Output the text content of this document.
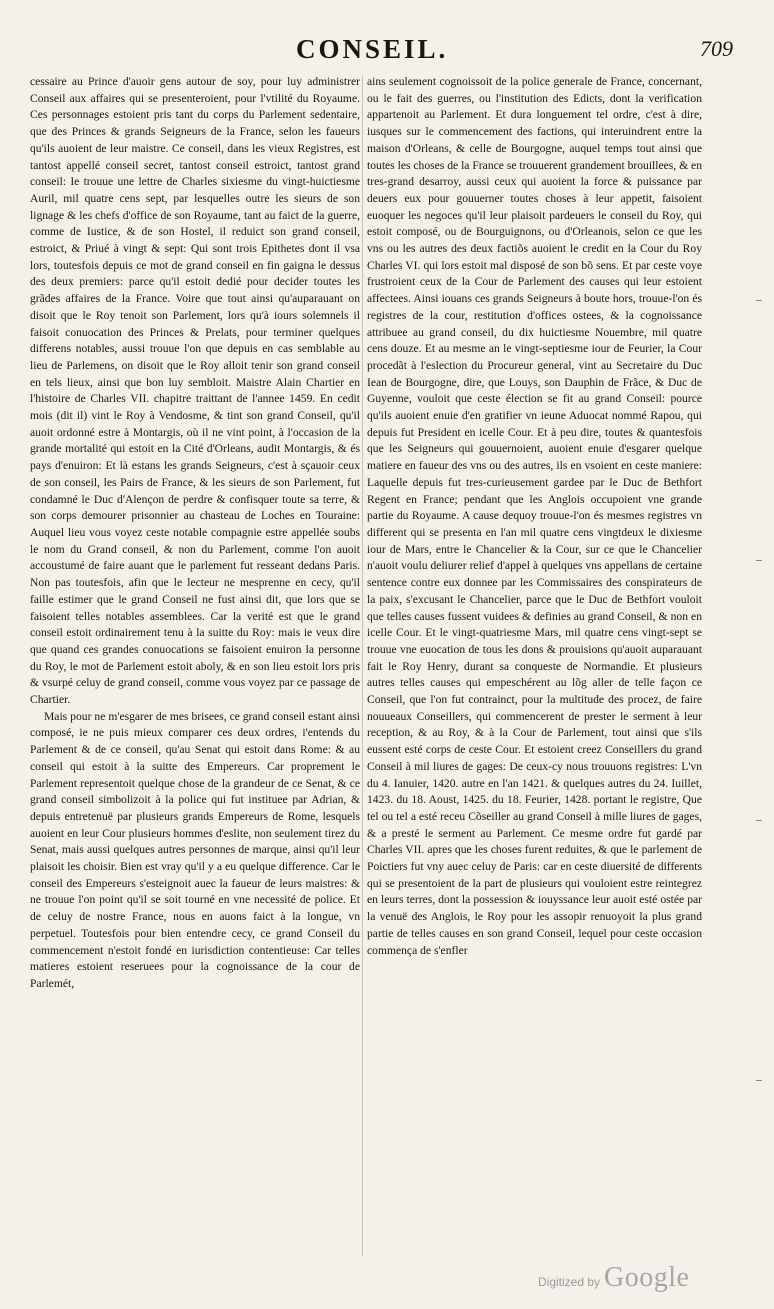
CONSEIL.	709

cessaire au Prince d'auoir gens autour de soy, pour luy administrer Conseil aux affaires qui se presenteroient, pour l'vtilité du Royaume. Ces personnages estoient pris tant du corps du Parlement sedentaire, que des Princes & grands Seigneurs de la France, selon les faueurs qu'ils auoient de leur maistre. Ce conseil, dans les vieux Registres, est tantost appellé conseil secret, tantost conseil estroict, tantost grand conseil: Ie trouue une lettre de Charles sixiesme du vingt-huictiesme Auril, mil quatre cens sept, par lesquelles outre les sieurs de son lignage & les chefs d'office de son Royaume, tant au faict de la guerre, comme de Iustice, & de son Hostel, il reduict son grand conseil, estroict, & Priué à vingt & sept: Qui sont trois Epithetes dont il vsa lors, toutesfois depuis ce mot de grand conseil en fin gaigna le dessus des deux premiers: parce qu'il estoit dedié pour decider toutes les grãdes affaires de la France. Voire que tout ainsi qu'auparauant on disoit que le Roy tenoit son Parlement, lors qu'à iours solemnels il faisoit conuocation des Princes & Prelats, pour terminer quelques differens notables, aussi trouue l'on que depuis en cas semblable au lieu de Parlemens, on disoit que le Roy alloit tenir son grand conseil en tels lieux, ainsi que bon luy sembloit. Maistre Alain Chartier en l'histoire de Charles VII. chapitre traittant de l'annee 1459. En cedit mois (dit il) vint le Roy à Vendosme, & tint son grand Conseil, qu'il auoit ordonné estre à Montargis, où il ne vint point, à l'occasion de la grande mortalité qui estoit en la Cité d'Orleans, audit Montargis, & és pays d'enuiron: Et là estans les grands Seigneurs, c'est à sçauoir ceux de son conseil, les Pairs de France, & les sieurs de son Parlement, fut condamné le Duc d'Alençon de perdre & confisquer toute sa terre, & son corps demourer prisonnier au chasteau de Loches en Touraine: Auquel lieu vous voyez ceste notable compagnie estre appellée soubs le nom du Grand conseil, & non du Parlement, comme l'on auoit accoustumé de faire auant que le parlement fut resseant dedans Paris. Non pas toutesfois, afin que le lecteur ne mesprenne en cecy, qu'il faille estimer que le grand Conseil ne fust ainsi dit, que lors que se faisoient telles notables assemblees. Car la verité est que le grand conseil estoit ordinairement tenu à la suitte du Roy: mais ie veux dire que quand ces grandes conuocations se faisoient enuiron la personne du Roy, le mot de Parlement estoit aboly, & en son lieu estoit lors pris & vsurpé celuy de grand conseil, comme vous voyez par ce passage de Chartier.

Mais pour ne m'esgarer de mes brisees, ce grand conseil estant ainsi composé, ie ne puis mieux comparer ces deux ordres, i'entends du Parlement & de ce conseil, qu'au Senat qui estoit dans Rome: & au conseil qui estoit à la suitte des Empereurs. Car proprement le Parlement representoit quelque chose de la grandeur de ce Senat, & ce grand conseil simbolizoit à la police qui fut instituee par Adrian, & depuis entretenuë par plusieurs grands Empereurs de Rome, lesquels auoient en leur Cour plusieurs hommes d'eslite, non seulement tirez du Senat, mais aussi quelques autres personnes de marque, ainsi qu'il leur plaisoit les choisir. Bien est vray qu'il y a eu quelque difference. Car le conseil des Empereurs s'esteignoit auec la faueur de leurs maistres: & ne trouue l'on point qu'il se soit tourné en vne necessité de police. Et de celuy de nostre France, nous en auons faict à la longue, vn perpetuel. Toutesfois pour bien entendre cecy, ce grand Conseil du commencement n'estoit fondé en iurisdiction contentieuse: Car telles matieres estoient reseruees pour la cognoissance de la cour de Parlemét,

ains seulement cognoissoit de la police generale de France, concernant, ou le fait des guerres, ou l'institution des Edicts, dont la verification appartenoit au Parlement. Et dura longuement tel ordre, c'est à dire, iusques sur le commencement des factions, qui interuindrent entre la maison d'Orleans, & celle de Bourgogne, auquel temps tout ainsi que toutes les choses de la France se trouuerent grandement brouillees, & en tres-grand desarroy, aussi ceux qui auoient la force & puissance par deuers eux pour gouuerner toutes choses à leur appetit, faisoient euoquer les negoces qu'il leur plaisoit pardeuers le conseil du Roy, qui estoit composé, ou de Bourguignons, ou d'Orleanois, selon ce que les vns ou les autres des deux factiõs auoient le credit en la Cour du Roy Charles VI. qui lors estoit mal disposé de son bõ sens. Et par ceste voye frustroient ceux de la Cour de Parlement des causes qui leur estoient affectees. Ainsi iouans ces grands Seigneurs à boute hors, trouue-l'on és registres de la cour, restitution d'offices ostees, & la cognoissance attribuee au grand conseil, du dix huictiesme Nouembre, mil quatre cens douze. Et au mesme an le vingt-septiesme iour de Feurier, la Cour procedãt à l'eslection du Procureur general, vint au Secretaire du Duc Iean de Bourgogne, dire, que Louys, son Dauphin de Frãce, & Duc de Guyenne, vouloit que ceste élection se fit au grand Conseil: pource qu'ils auoient enuie d'en gratifier vn ieune Aduocat nommé Rapou, qui depuis fut President en icelle Cour. Et à peu dire, toutes & quantesfois que les Seigneurs qui gouuernoient, auoient enuie d'esgarer quelque matiere en faueur des vns ou des autres, ils en vsoient en ceste maniere: Laquelle depuis fut tres-curieusement gardee par le Duc de Bethfort Regent en France; pendant que les Anglois occupoient vne grande partie du Royaume. A cause dequoy trouue-l'on és mesmes registres vn different qui se presenta en l'an mil quatre cens vingtdeux le dixiesme iour de Mars, entre le Chancelier & la Cour, sur ce que le Chancelier n'auoit voulu deliurer relief d'appel à quelques vns appellans de certaine sentence contre eux donnee par les Commissaires des conspirateurs de la paix, s'excusant le Chancelier, parce que le Duc de Bethfort vouloit que telles causes fussent vuidees & definies au grand Conseil, & non en icelle Cour. Et le vingt-quatriesme Mars, mil quatre cens vingt-sept se trouue vne euocation de tous les dons & prouisions qu'auoit auparauant fait le Roy Henry, durant sa conqueste de Normandie. Et plusieurs autres telles causes qui empeschérent au lõg aller de telle façon ce Conseil, que l'on fut contrainct, pour la multitude des procez, de faire nouueaux Conseillers, qui commencerent de prester le serment à leur reception, & au Roy, & à la Cour de Parlement, tout ainsi que s'ils eussent esté corps de ceste Cour. Et estoient creez Conseillers du grand Conseil à mil liures de gages: De ceux-cy nous trouuons registres: L'vn du 4. Ianuier, 1420. autre en l'an 1421. & quelques autres du 24. Iuillet, 1423. du 18. Aoust, 1425. du 18. Feurier, 1428. portant le registre, Que tel ou tel a esté receu Cõseiller au grand Conseil à mille liures de gages, & a presté le serment au Parlement. Ce mesme ordre fut gardé par Charles VII. apres que les choses furent reduites, & que le parlement de Poictiers fut vny auec celuy de Paris: car en ceste diuersité de differents qui se presentoient de la part de plusieurs qui vouloient estre reintegrez en leurs terres, dont la possession & iouyssance leur auoit esté ostée par la venuë des Anglois, le Roy pour les assopir renuoyoit la plus grand partie de telles causes en son grand Conseil, lequel pour ceste occasion commença de s'enfler

Digitized by Google
